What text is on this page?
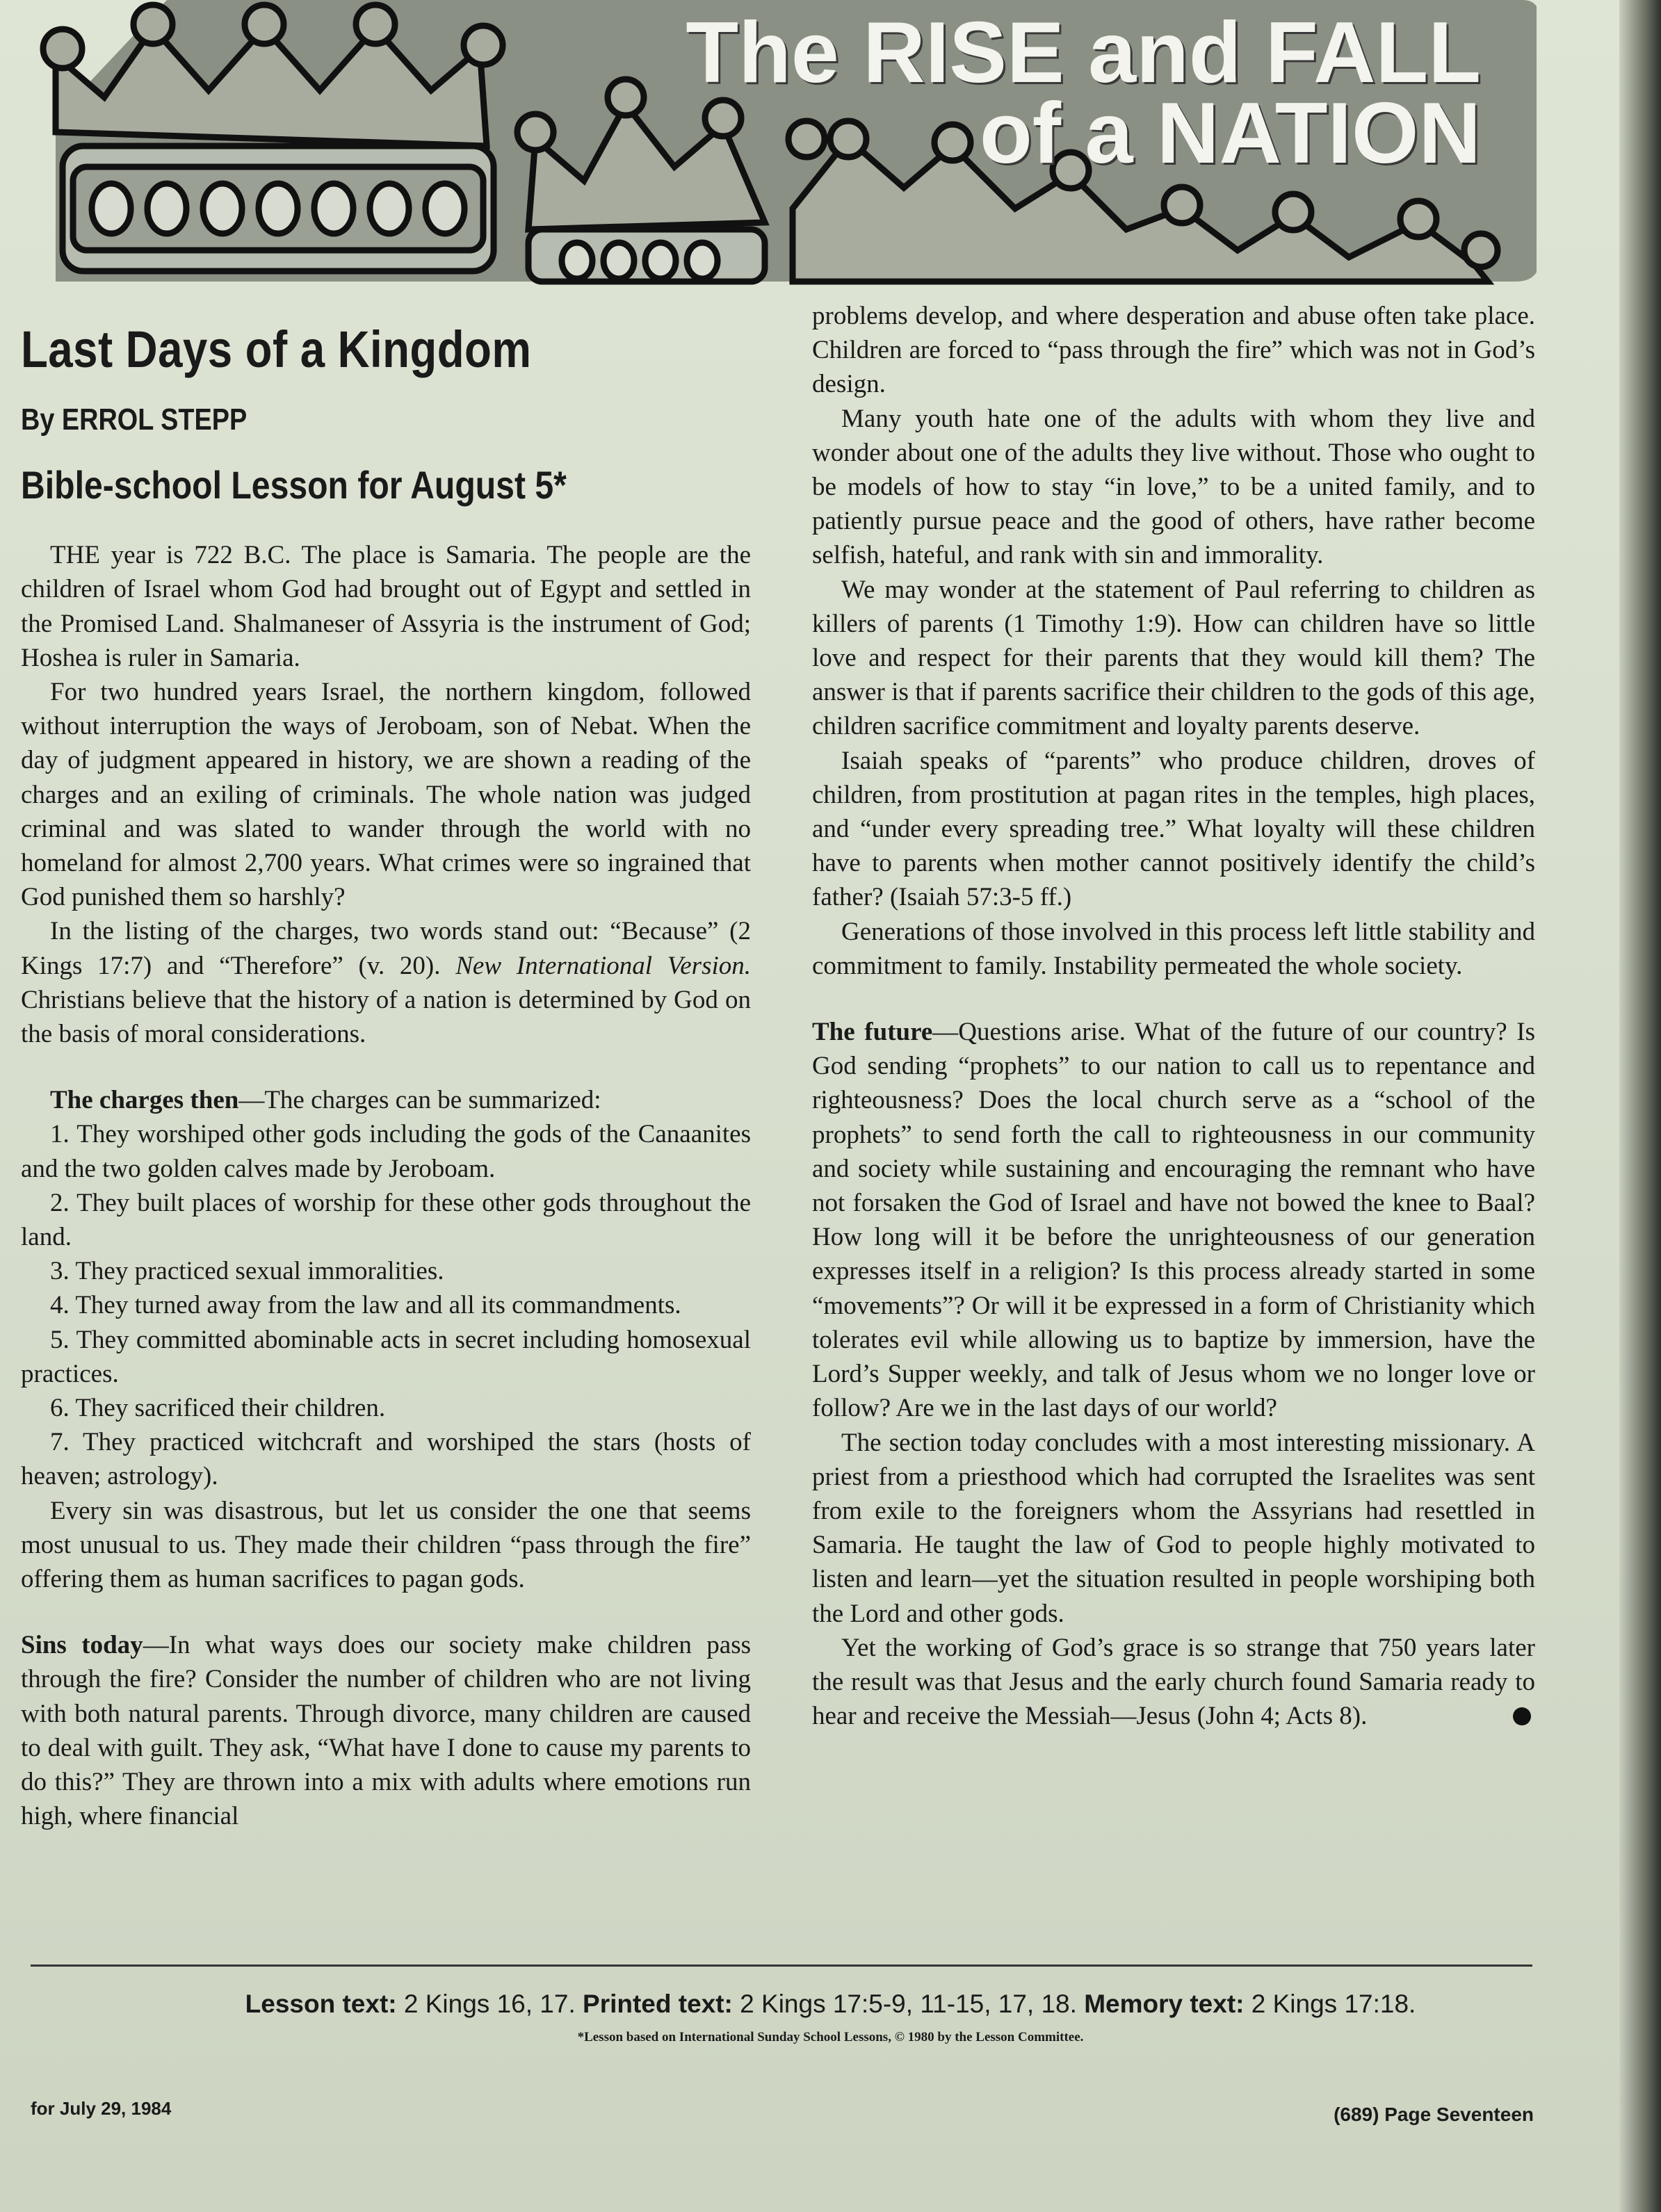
The RISE and FALL
of a NATION
Last Days of a Kingdom
By ERROL STEPP
Bible-school Lesson for August 5*

THE year is 722 B.C. The place is Samaria. The people are the children of Israel whom God had brought out of Egypt and settled in the Promised Land. Shalmaneser of Assyria is the instrument of God; Hoshea is ruler in Samaria.

For two hundred years Israel, the northern kingdom, followed without interruption the ways of Jeroboam, son of Nebat. When the day of judgment appeared in history, we are shown a reading of the charges and an exiling of criminals. The whole nation was judged criminal and was slated to wander through the world with no homeland for almost 2,700 years. What crimes were so ingrained that God punished them so harshly?

In the listing of the charges, two words stand out: “Because” (2 Kings 17:7) and “Therefore” (v. 20). New International Version. Christians believe that the history of a nation is determined by God on the basis of moral considerations.

The charges then—The charges can be summarized:

1. They worshiped other gods including the gods of the Canaanites and the two golden calves made by Jeroboam.

2. They built places of worship for these other gods throughout the land.

3. They practiced sexual immoralities.

4. They turned away from the law and all its commandments.

5. They committed abominable acts in secret including homosexual practices.

6. They sacrificed their children.

7. They practiced witchcraft and worshiped the stars (hosts of heaven; astrology).

Every sin was disastrous, but let us consider the one that seems most unusual to us. They made their children “pass through the fire” offering them as human sacrifices to pagan gods.

Sins today—In what ways does our society make children pass through the fire? Consider the number of children who are not living with both natural parents. Through divorce, many children are caused to deal with guilt. They ask, “What have I done to cause my parents to do this?” They are thrown into a mix with adults where emotions run high, where financial

problems develop, and where desperation and abuse often take place. Children are forced to “pass through the fire” which was not in God’s design.

Many youth hate one of the adults with whom they live and wonder about one of the adults they live without. Those who ought to be models of how to stay “in love,” to be a united family, and to patiently pursue peace and the good of others, have rather become selfish, hateful, and rank with sin and immorality.

We may wonder at the statement of Paul referring to children as killers of parents (1 Timothy 1:9). How can children have so little love and respect for their parents that they would kill them? The answer is that if parents sacrifice their children to the gods of this age, children sacrifice commitment and loyalty parents deserve.

Isaiah speaks of “parents” who produce children, droves of children, from prostitution at pagan rites in the temples, high places, and “under every spreading tree.” What loyalty will these children have to parents when mother cannot positively identify the child’s father? (Isaiah 57:3-5 ff.)

Generations of those involved in this process left little stability and commitment to family. Instability permeated the whole society.

The future—Questions arise. What of the future of our country? Is God sending “prophets” to our nation to call us to repentance and righteousness? Does the local church serve as a “school of the prophets” to send forth the call to righteousness in our community and society while sustaining and encouraging the remnant who have not forsaken the God of Israel and have not bowed the knee to Baal? How long will it be before the unrighteousness of our generation expresses itself in a religion? Is this process already started in some “movements”? Or will it be expressed in a form of Christianity which tolerates evil while allowing us to baptize by immersion, have the Lord’s Supper weekly, and talk of Jesus whom we no longer love or follow? Are we in the last days of our world?

The section today concludes with a most interesting missionary. A priest from a priesthood which had corrupted the Israelites was sent from exile to the foreigners whom the Assyrians had resettled in Samaria. He taught the law of God to people highly motivated to listen and learn—yet the situation resulted in people worshiping both the Lord and other gods.

Yet the working of God’s grace is so strange that 750 years later the result was that Jesus and the early church found Samaria ready to hear and receive the Messiah—Jesus (John 4; Acts 8).

Lesson text: 2 Kings 16, 17. Printed text: 2 Kings 17:5-9, 11-15, 17, 18. Memory text: 2 Kings 17:18.
*Lesson based on International Sunday School Lessons, © 1980 by the Lesson Committee.
for July 29, 1984	(689) Page Seventeen
